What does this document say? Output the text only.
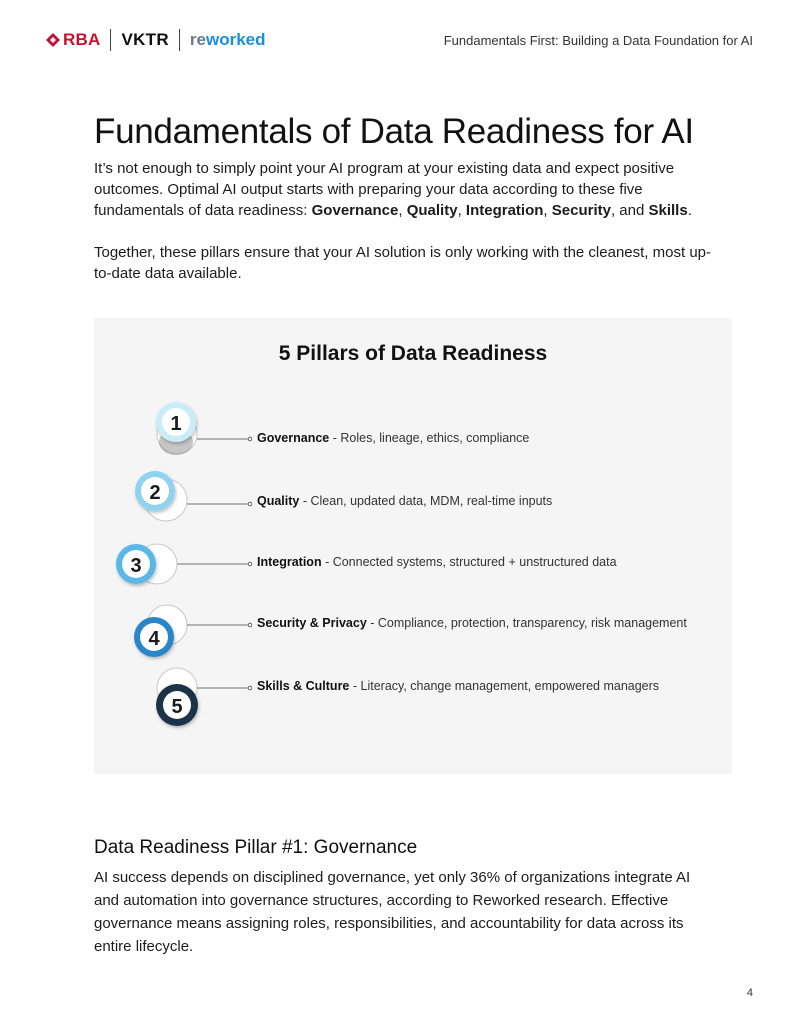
RBA VKTR reworked	Fundamentals First: Building a Data Foundation for AI
Fundamentals of Data Readiness for AI

It’s not enough to simply point your AI program at your existing data and expect positive outcomes. Optimal AI output starts with preparing your data according to these five fundamentals of data readiness: Governance, Quality, Integration, Security, and Skills.

Together, these pillars ensure that your AI solution is only working with the cleanest, most up-to-date data available.

5 Pillars of Data Readiness
1
2
3
4
5
Governance - Roles, lineage, ethics, compliance
Quality - Clean, updated data, MDM, real-time inputs
Integration - Connected systems, structured + unstructured data
Security & Privacy - Compliance, protection, transparency, risk management
Skills & Culture - Literacy, change management, empowered managers
Data Readiness Pillar #1: Governance

AI success depends on disciplined governance, yet only 36% of organizations integrate AI and automation into governance structures, according to Reworked research. Effective governance means assigning roles, responsibilities, and accountability for data across its entire lifecycle.

4
